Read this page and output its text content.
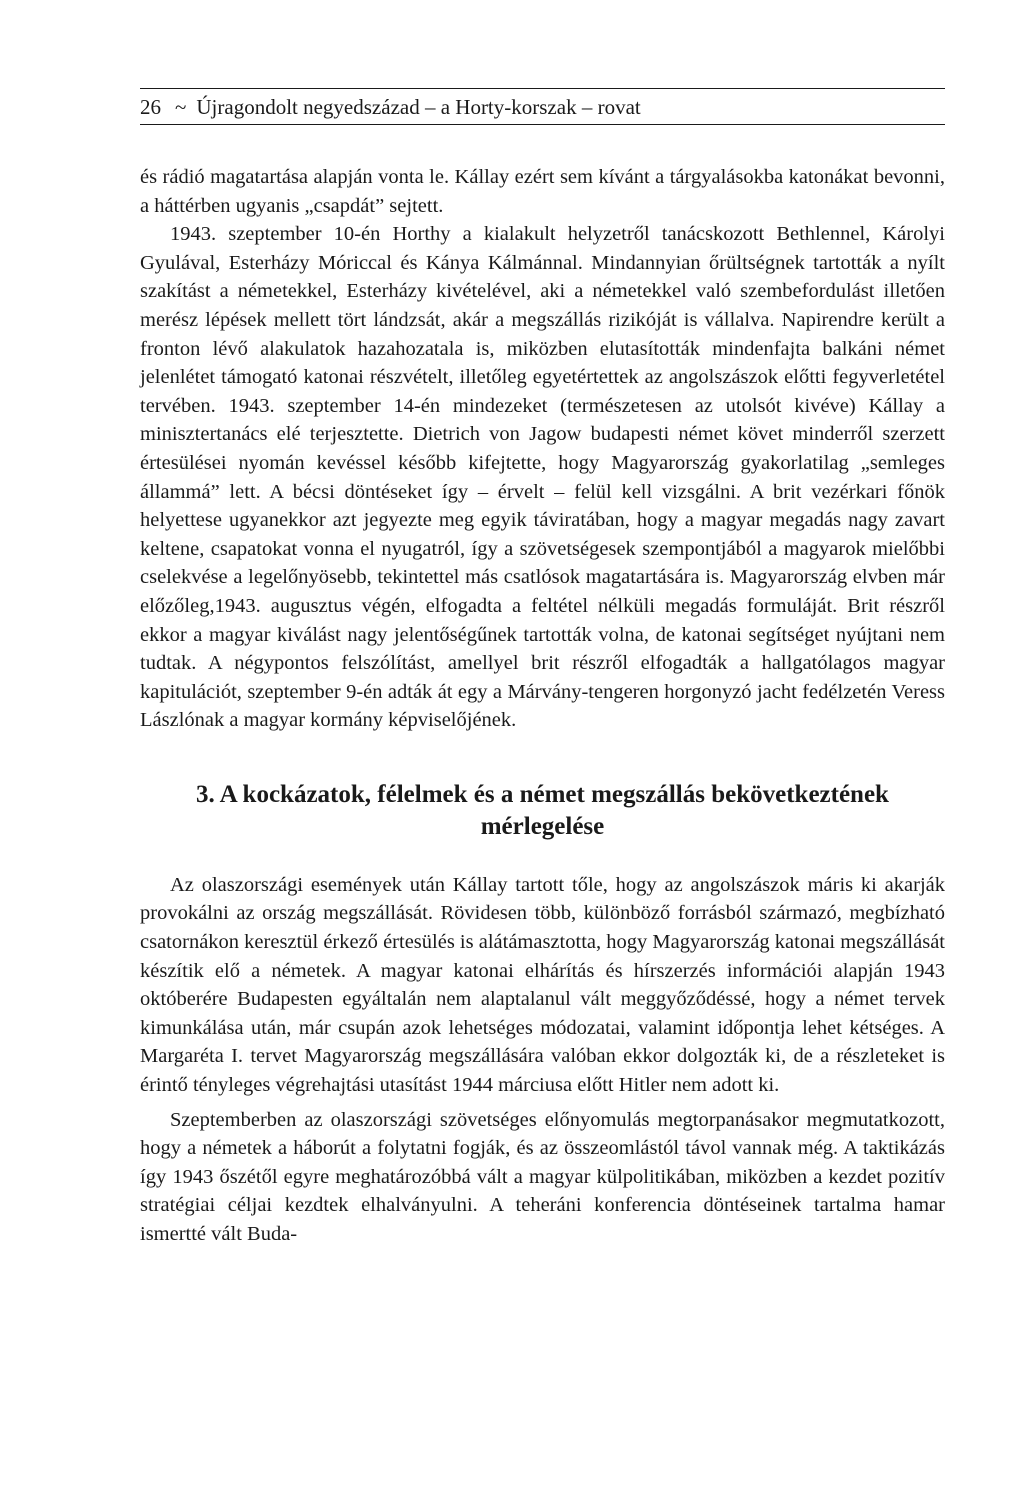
26 ~ Újragondolt negyedszázad – a Horty-korszak – rovat

és rádió magatartása alapján vonta le. Kállay ezért sem kívánt a tárgyalásokba katonákat bevonni, a háttérben ugyanis „csapdát” sejtett.

1943. szeptember 10-én Horthy a kialakult helyzetről tanácskozott Bethlennel, Károlyi Gyulával, Esterházy Móriccal és Kánya Kálmánnal. Mindannyian őrültségnek tartották a nyílt szakítást a németekkel, Esterházy kivételével, aki a németekkel való szembefordulást illetően merész lépések mellett tört lándzsát, akár a megszállás rizikóját is vállalva. Napirendre került a fronton lévő alakulatok hazahozatala is, miközben elutasították mindenfajta balkáni német jelenlétet támogató katonai részvételt, illetőleg egyetértettek az angolszászok előtti fegyverletétel tervében. 1943. szeptember 14-én mindezeket (természetesen az utolsót kivéve) Kállay a minisztertanács elé terjesztette. Dietrich von Jagow budapesti német követ minderről szerzett értesülései nyomán kevéssel később kifejtette, hogy Magyarország gyakorlatilag „semleges állammá” lett. A bécsi döntéseket így – érvelt – felül kell vizsgálni. A brit vezérkari főnök helyettese ugyanekkor azt jegyezte meg egyik táviratában, hogy a magyar megadás nagy zavart keltene, csapatokat vonna el nyugatról, így a szövetségesek szempontjából a magyarok mielőbbi cselekvése a legelőnyösebb, tekintettel más csatlósok magatartására is. Magyarország elvben már előzőleg,1943. augusztus végén, elfogadta a feltétel nélküli megadás formuláját. Brit részről ekkor a magyar kiválást nagy jelentőségűnek tartották volna, de katonai segítséget nyújtani nem tudtak. A négypontos felszólítást, amellyel brit részről elfogadták a hallgatólagos magyar kapitulációt, szeptember 9-én adták át egy a Márvány-tengeren horgonyzó jacht fedélzetén Veress Lászlónak a magyar kormány képviselőjének.

3. A kockázatok, félelmek és a német megszállás bekövetkeztének mérlegelése

Az olaszországi események után Kállay tartott tőle, hogy az angolszászok máris ki akarják provokálni az ország megszállását. Rövidesen több, különböző forrásból származó, megbízható csatornákon keresztül érkező értesülés is alátámasztotta, hogy Magyarország katonai megszállását készítik elő a németek. A magyar katonai elhárítás és hírszerzés információi alapján 1943 októberére Budapesten egyáltalán nem alaptalanul vált meggyőződéssé, hogy a német tervek kimunkálása után, már csupán azok lehetséges módozatai, valamint időpontja lehet kétséges. A Margaréta I. tervet Magyarország megszállására valóban ekkor dolgozták ki, de a részleteket is érintő tényleges végrehajtási utasítást 1944 márciusa előtt Hitler nem adott ki.

Szeptemberben az olaszországi szövetséges előnyomulás megtorpanásakor megmutatkozott, hogy a németek a háborút a folytatni fogják, és az összeomlástól távol vannak még. A taktikázás így 1943 őszétől egyre meghatározóbbá vált a magyar külpolitikában, miközben a kezdet pozitív stratégiai céljai kezdtek elhalványulni. A teheráni konferencia döntéseinek tartalma hamar ismertté vált Buda-
